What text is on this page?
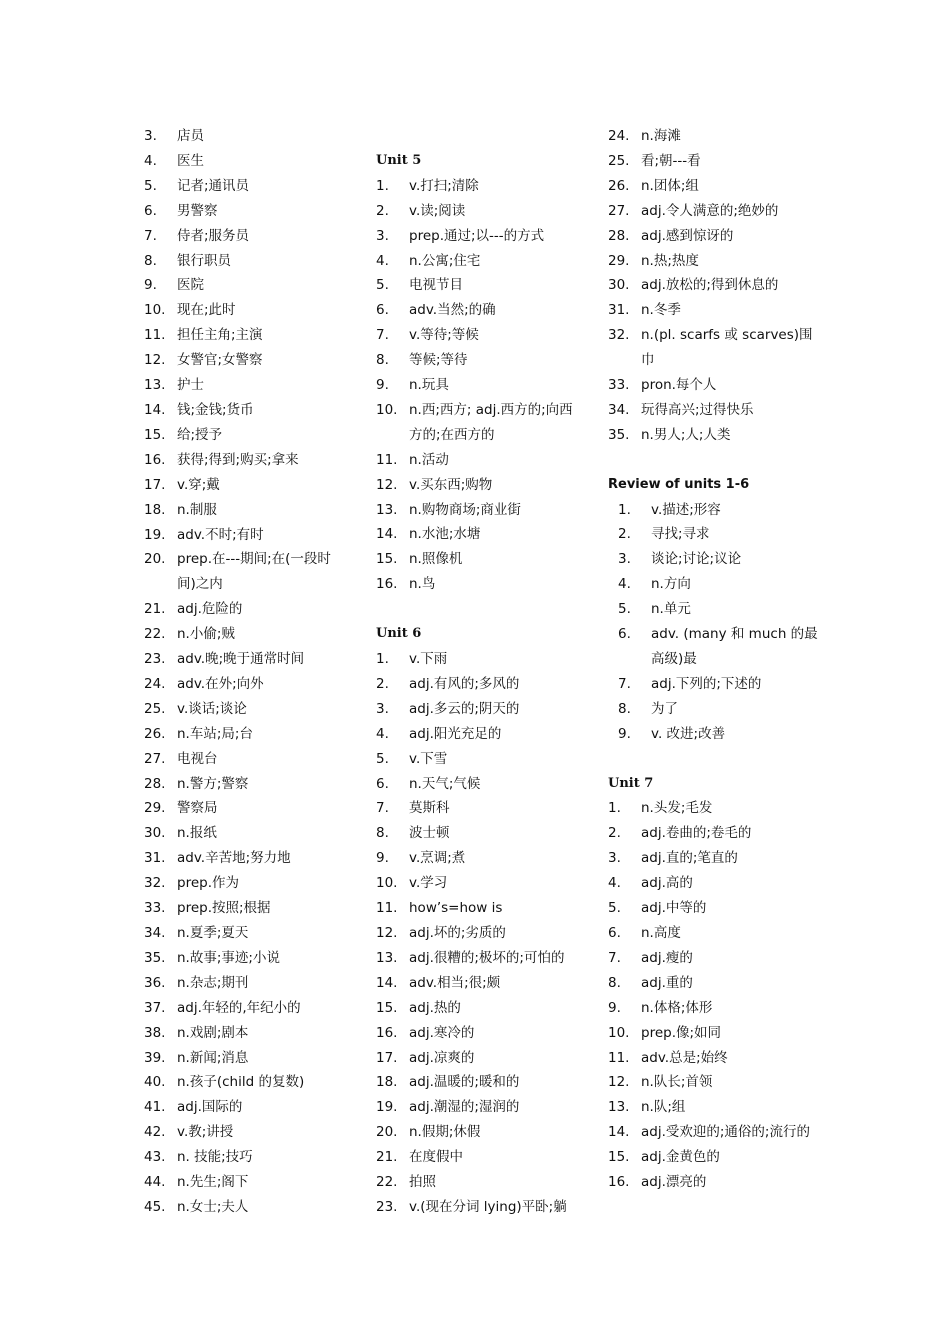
3.	店员
4.	医生
5.	记者;通讯员
6.	男警察
7.	侍者;服务员
8.	银行职员
9.	医院
10. 现在;此时
11. 担任主角;主演
12. 女警官;女警察
13. 护士
14. 钱;金钱;货币
15. 给;授予
16. 获得;得到;购买;拿来
17. v.穿;戴
18. n.制服
19. adv.不时;有时
20. prep.在---期间;在(一段时间)之内
21. adj.危险的
22. n.小偷;贼
23. adv.晚;晚于通常时间
24. adv.在外;向外
25. v.谈话;谈论
26. n.车站;局;台
27. 电视台
28. n.警方;警察
29. 警察局
30. n.报纸
31. adv.辛苦地;努力地
32. prep.作为
33. prep.按照;根据
34. n.夏季;夏天
35. n.故事;事迹;小说
36. n.杂志;期刊
37. adj.年轻的,年纪小的
38. n.戏剧;剧本
39. n.新闻;消息
40. n.孩子(child 的复数)
41. adj.国际的
42. v.教;讲授
43. n. 技能;技巧
44. n.先生;阁下
45. n.女士;夫人
Unit 5
1.	v.打扫;清除
2.	v.读;阅读
3.	prep.通过;以---的方式
4.	n.公寓;住宅
5.	电视节目
6.	adv.当然;的确
7.	v.等待;等候
8.	等候;等待
9.	n.玩具
10. n.西;西方; adj.西方的;向西方的;在西方的
11. n.活动
12. v.买东西;购物
13. n.购物商场;商业街
14. n.水池;水塘
15. n.照像机
16. n.鸟
Unit 6
1.	v.下雨
2.	adj.有风的;多风的
3.	adj.多云的;阴天的
4.	adj.阳光充足的
5.	v.下雪
6.	n.天气;气候
7.	莫斯科
8.	波士顿
9.	v.烹调;煮
10. v.学习
11. how’s=how is
12. adj.坏的;劣质的
13. adj.很糟的;极坏的;可怕的
14. adv.相当;很;颇
15. adj.热的
16. adj.寒冷的
17. adj.凉爽的
18. adj.温暖的;暖和的
19. adj.潮湿的;湿润的
20. n.假期;休假
21. 在度假中
22. 拍照
23. v.(现在分词 lying)平卧;躺
24. n.海滩
25. 看;朝---看
26. n.团体;组
27. adj.令人满意的;绝妙的
28. adj.感到惊讶的
29. n.热;热度
30. adj.放松的;得到休息的
31. n.冬季
32. n.(pl. scarfs 或 scarves)围巾
33. pron.每个人
34. 玩得高兴;过得快乐
35. n.男人;人;人类
Review of units 1-6
1.	v.描述;形容
2.	寻找;寻求
3.	谈论;讨论;议论
4.	n.方向
5.	n.单元
6.	adv. (many 和 much 的最高级)最
7.	adj.下列的;下述的
8.	为了
9.	v. 改进;改善
Unit 7
1.	n.头发;毛发
2.	adj.卷曲的;卷毛的
3.	adj.直的;笔直的
4.	adj.高的
5.	adj.中等的
6.	n.高度
7.	adj.瘦的
8.	adj.重的
9.	n.体格;体形
10. prep.像;如同
11. adv.总是;始终
12. n.队长;首领
13. n.队;组
14. adj.受欢迎的;通俗的;流行的
15. adj.金黄色的
16. adj.漂亮的
